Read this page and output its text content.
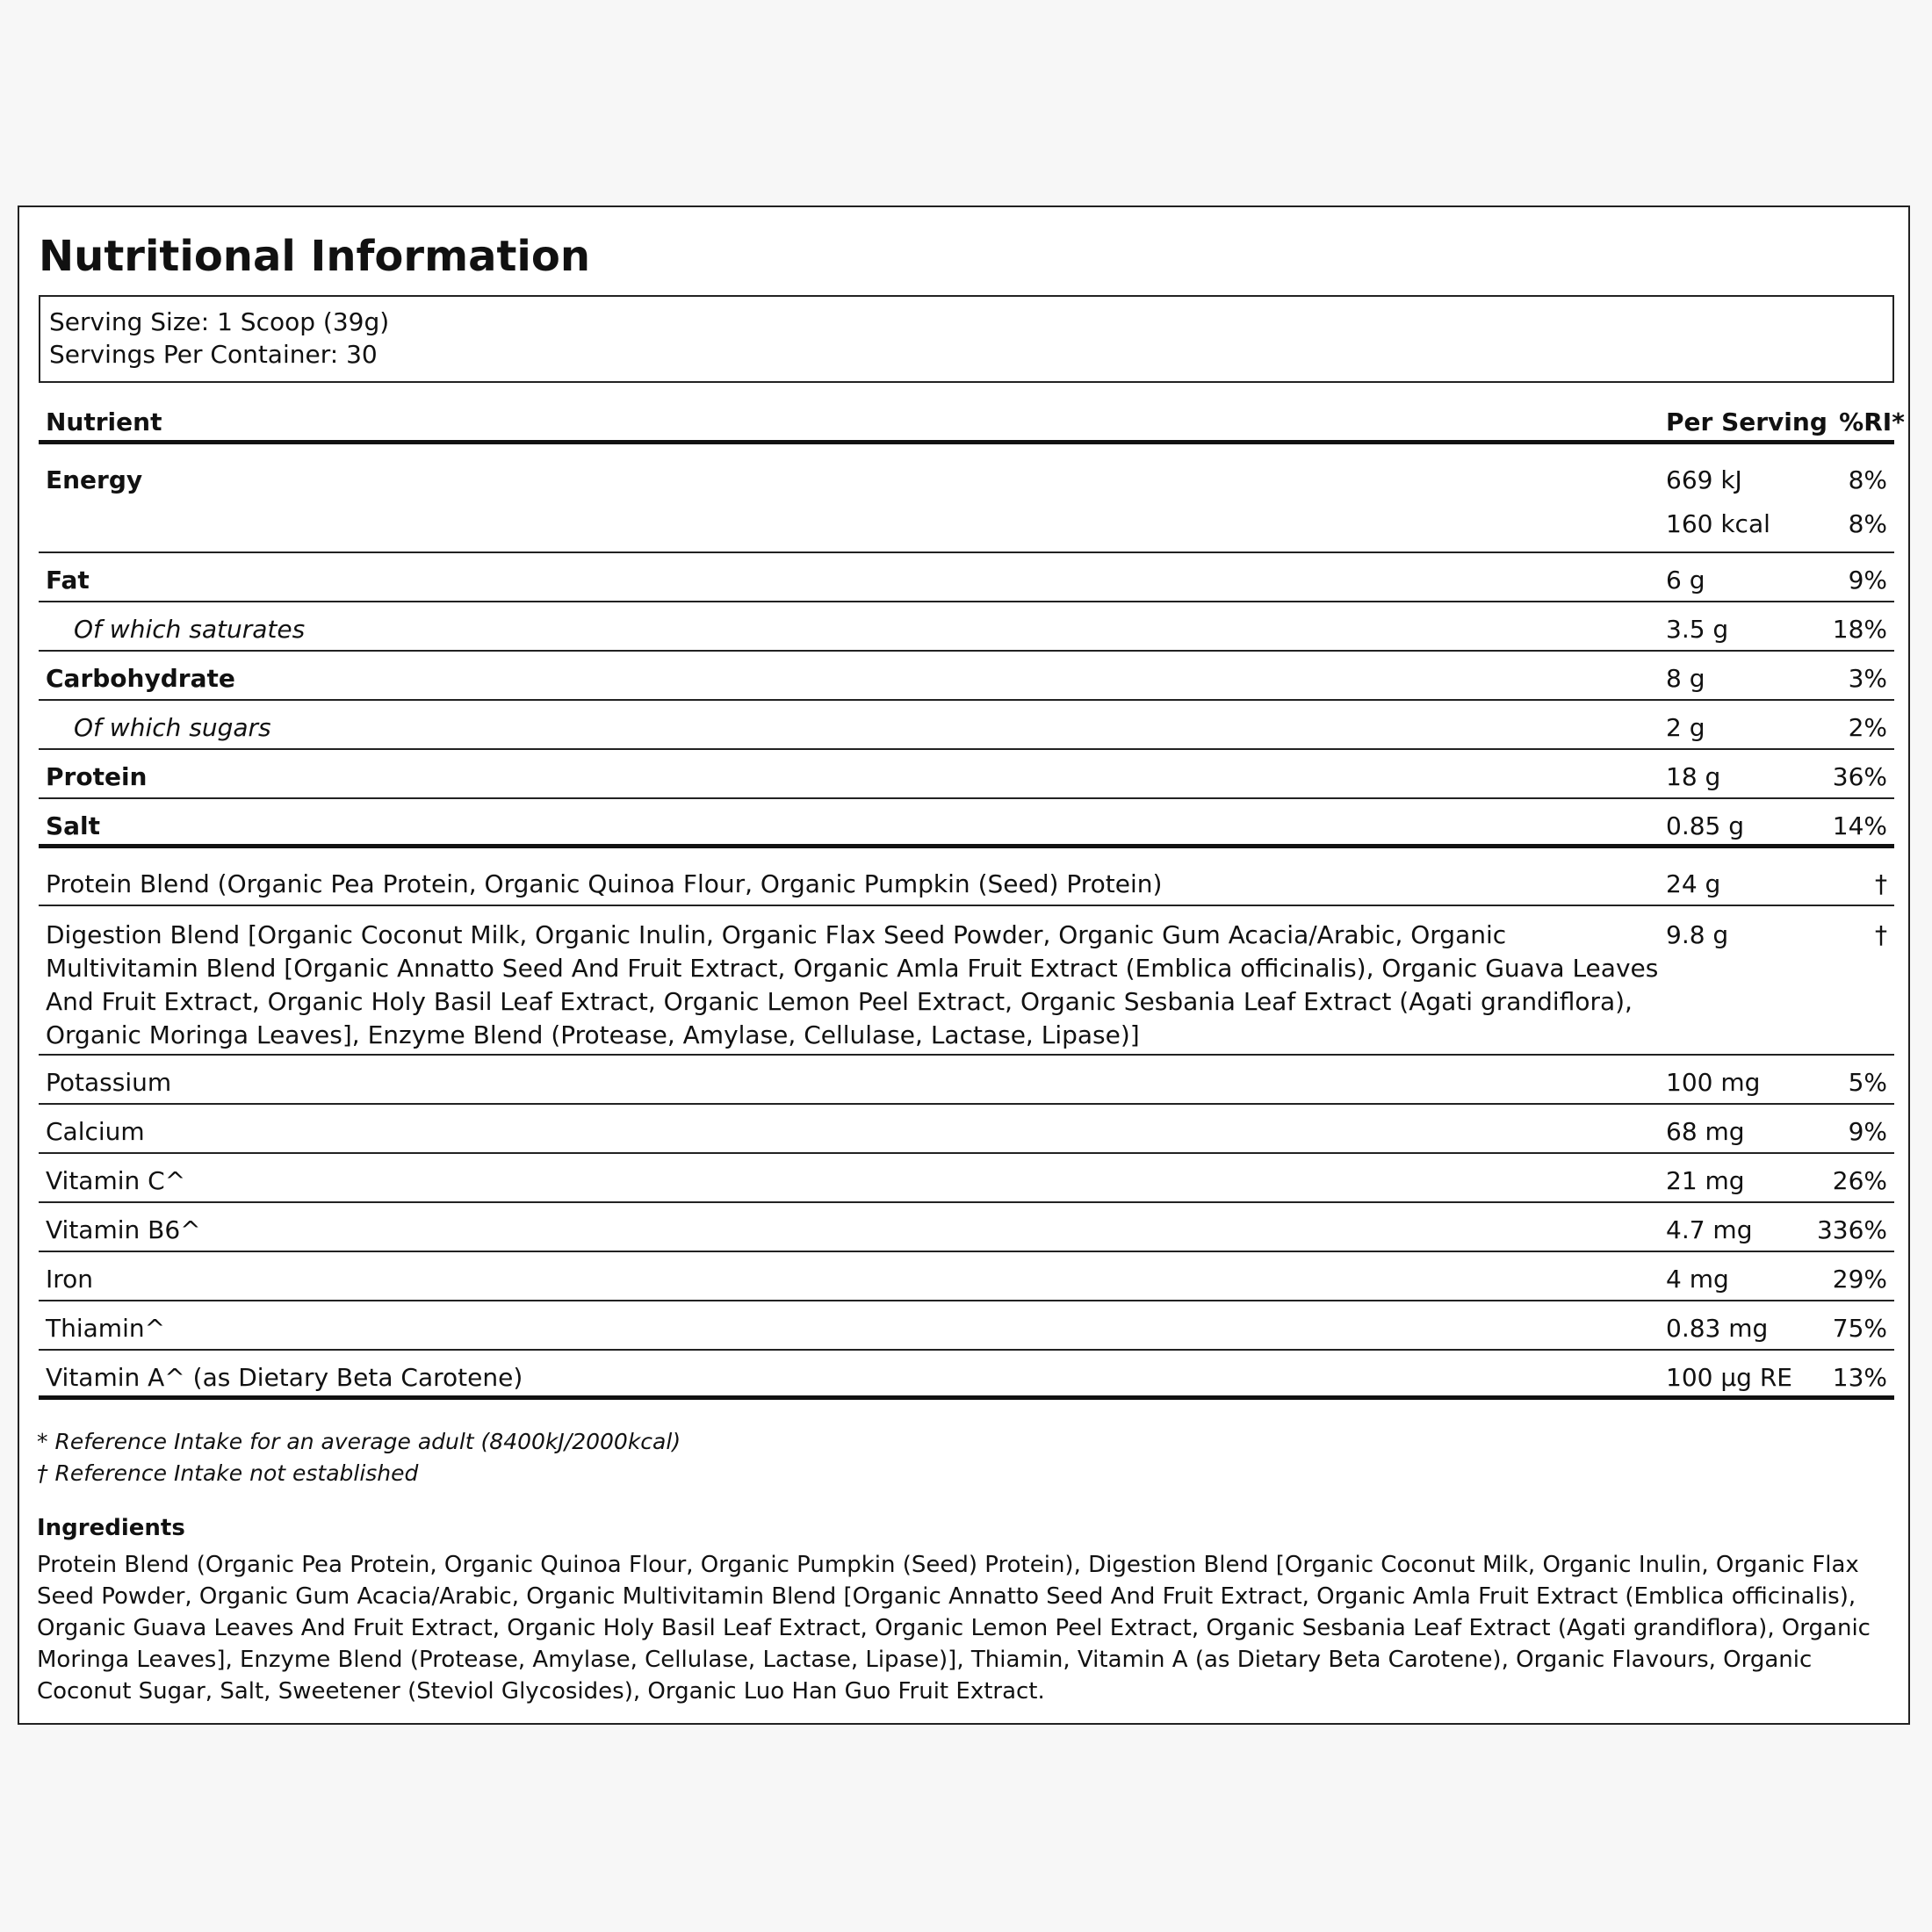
Nutritional Information
Serving Size: 1 Scoop (39g)
Servings Per Container: 30
Nutrient	Per Serving %RI*
Energy	669 kJ	8%
160 kcal	8%
Fat	6 g	9%
Of which saturates	3.5 g	18%
Carbohydrate	8 g	3%
Of which sugars	2 g	2%
Protein	18 g	36%
Salt	0.85 g	14%
Protein Blend (Organic Pea Protein, Organic Quinoa Flour, Organic Pumpkin (Seed) Protein)	24 g	†
Digestion Blend [Organic Coconut Milk, Organic Inulin, Organic Flax Seed Powder, Organic Gum Acacia/Arabic, Organic Multivitamin Blend [Organic Annatto Seed And Fruit Extract, Organic Amla Fruit Extract (Emblica officinalis), Organic Guava Leaves And Fruit Extract, Organic Holy Basil Leaf Extract, Organic Lemon Peel Extract, Organic Sesbania Leaf Extract (Agati grandiflora), Organic Moringa Leaves], Enzyme Blend (Protease, Amylase, Cellulase, Lactase, Lipase)]
9.8 g	†
Potassium	100 mg	5%
Calcium	68 mg	9%
Vitamin C^	21 mg	26%
Vitamin B6^	4.7 mg	336%
Iron	4 mg	29%
Thiamin^	0.83 mg	75%
Vitamin A^ (as Dietary Beta Carotene)	100 μg RE	13%
* Reference Intake for an average adult (8400kJ/2000kcal)
† Reference Intake not established
Ingredients
Protein Blend (Organic Pea Protein, Organic Quinoa Flour, Organic Pumpkin (Seed) Protein), Digestion Blend [Organic Coconut Milk, Organic Inulin, Organic Flax Seed Powder, Organic Gum Acacia/Arabic, Organic Multivitamin Blend [Organic Annatto Seed And Fruit Extract, Organic Amla Fruit Extract (Emblica officinalis), Organic Guava Leaves And Fruit Extract, Organic Holy Basil Leaf Extract, Organic Lemon Peel Extract, Organic Sesbania Leaf Extract (Agati grandiflora), Organic Moringa Leaves], Enzyme Blend (Protease, Amylase, Cellulase, Lactase, Lipase)], Thiamin, Vitamin A (as Dietary Beta Carotene), Organic Flavours, Organic Coconut Sugar, Salt, Sweetener (Steviol Glycosides), Organic Luo Han Guo Fruit Extract.
